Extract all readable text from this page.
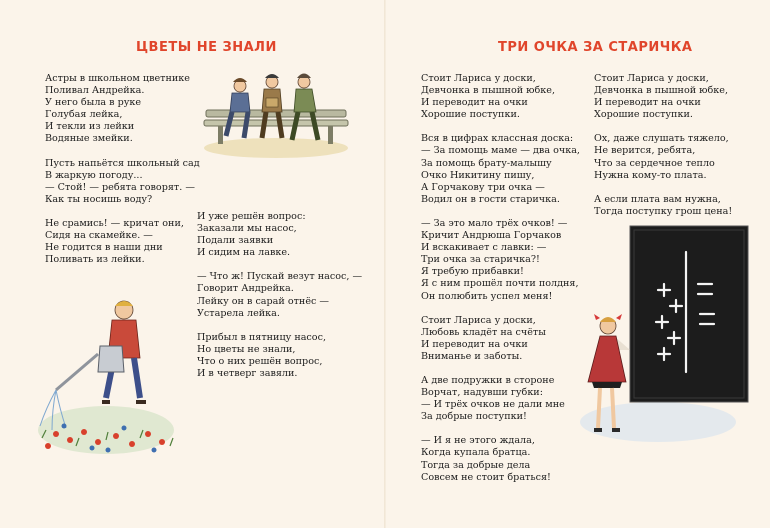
ЦВЕТЫ НЕ ЗНАЛИ
Астры в школьном цветнике
Поливал Андрейка.
У него была в руке
Голубая лейка,
И текли из лейки
Водяные змейки.
Пусть напьётся школьный сад
В жаркую погоду...
— Стой! — ребята говорят. —
Как ты носишь воду?
Не срамись! — кричат они,
Сидя на скамейке. —
Не годится в наши дни
Поливать из лейки.
И уже решён вопрос:
Заказали мы насос,
Подали заявки
И сидим на лавке.
— Что ж! Пускай везут насос, —
Говорит Андрейка.
Лейку он в сарай отнёс —
Устарела лейка.
Прибыл в пятницу насос,
Но цветы не знали,
Что о них решён вопрос,
И в четверг завяли.
ТРИ ОЧКА ЗА СТАРИЧКА
Стоит Лариса у доски,
Девчонка в пышной юбке,
И переводит на очки
Хорошие поступки.
Вся в цифрах классная доска:
— За помощь маме — два очка,
За помощь брату-малышу
Очко Никитину пишу,
А Горчакову три очка —
Водил он в гости старичка.
— За это мало трёх очков! —
Кричит Андрюша Горчаков
И вскакивает с лавки: —
Три очка за старичка?!
Я требую прибавки!
Я с ним прошёл почти полдня,
Он полюбить успел меня!
Стоит Лариса у доски,
Любовь кладёт на счёты
И переводит на очки
Вниманье и заботы.
А две подружки в стороне
Ворчат, надувши губки:
— И трёх очков не дали мне
За добрые поступки!
— И я не этого ждала,
Когда купала братца.
Тогда за добрые дела
Совсем не стоит браться!
Стоит Лариса у доски,
Девчонка в пышной юбке,
И переводит на очки
Хорошие поступки.
Ох, даже слушать тяжело,
Не верится, ребята,
Что за сердечное тепло
Нужна кому-то плата.
А если плата вам нужна,
Тогда поступку грош цена!
